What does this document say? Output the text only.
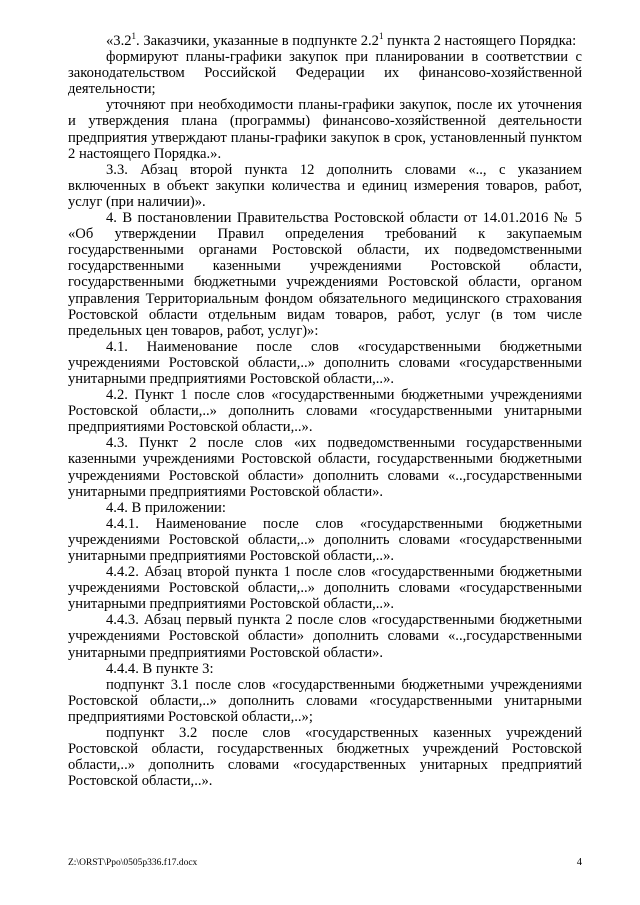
«$3.2^1$. Заказчики, указанные в подпункте $2.2^1$ пункта 2 настоящего Порядка:

формируют планы-графики закупок при планировании в соответствии с законодательством Российской Федерации их финансово-хозяйственной деятельности;

уточняют при необходимости планы-графики закупок, после их уточнения и утверждения плана (программы) финансово-хозяйственной деятельности предприятия утверждают планы-графики закупок в срок, установленный пунктом 2 настоящего Порядка.».

3.3. Абзац второй пункта 12 дополнить словами «.., с указанием включенных в объект закупки количества и единиц измерения товаров, работ, услуг (при наличии)».

4. В постановлении Правительства Ростовской области от 14.01.2016 № 5 «Об утверждении Правил определения требований к закупаемым государственными органами Ростовской области, их подведомственными государственными казенными учреждениями Ростовской области, государственными бюджетными учреждениями Ростовской области, органом управления Территориальным фондом обязательного медицинского страхования Ростовской области отдельным видам товаров, работ, услуг (в том числе предельных цен товаров, работ, услуг)»:

4.1. Наименование после слов «государственными бюджетными учреждениями Ростовской области,..» дополнить словами «государственными унитарными предприятиями Ростовской области,..».

4.2. Пункт 1 после слов «государственными бюджетными учреждениями Ростовской области,..» дополнить словами «государственными унитарными предприятиями Ростовской области,..».

4.3. Пункт 2 после слов «их подведомственными государственными казенными учреждениями Ростовской области, государственными бюджетными учреждениями Ростовской области» дополнить словами «..,государственными унитарными предприятиями Ростовской области».

4.4. В приложении:

4.4.1. Наименование после слов «государственными бюджетными учреждениями Ростовской области,..» дополнить словами «государственными унитарными предприятиями Ростовской области,..».

4.4.2. Абзац второй пункта 1 после слов «государственными бюджетными учреждениями Ростовской области,..» дополнить словами «государственными унитарными предприятиями Ростовской области,..».

4.4.3. Абзац первый пункта 2 после слов «государственными бюджетными учреждениями Ростовской области» дополнить словами «..,государственными унитарными предприятиями Ростовской области».

4.4.4. В пункте 3:

подпункт 3.1 после слов «государственными бюджетными учреждениями Ростовской области,..» дополнить словами «государственными унитарными предприятиями Ростовской области,..»;

подпункт 3.2 после слов «государственных казенных учреждений Ростовской области, государственных бюджетных учреждений Ростовской области,..» дополнить словами «государственных унитарных предприятий Ростовской области,..».

Z:\ORST\Ppo\0505p336.f17.docx	4
